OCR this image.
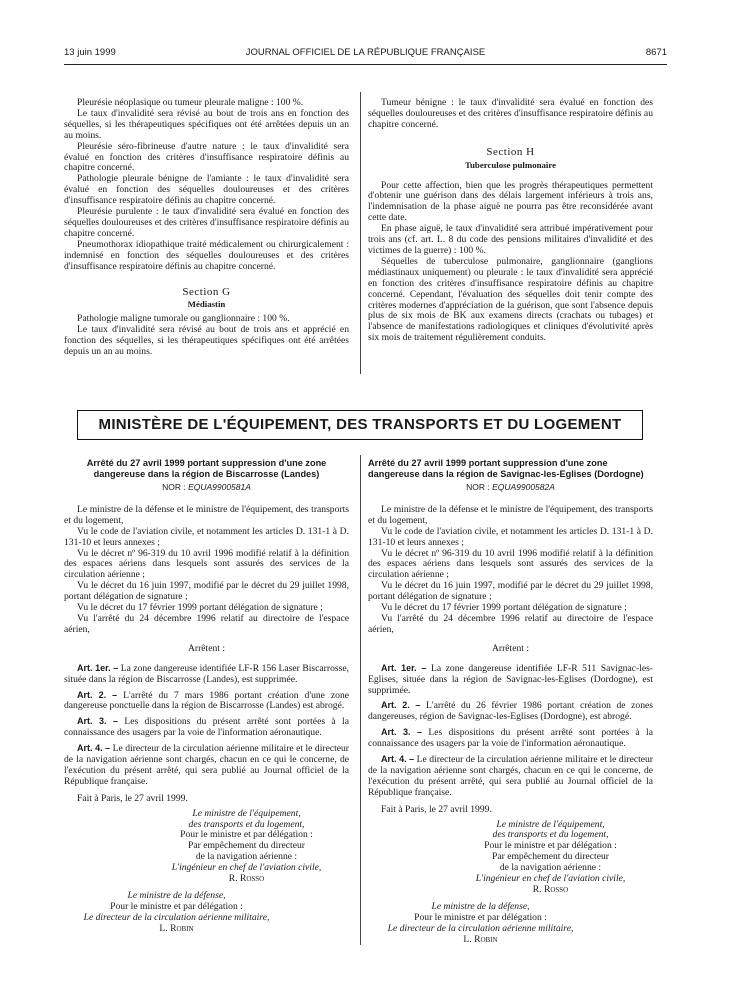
13 juin 1999	JOURNAL OFFICIEL DE LA RÉPUBLIQUE FRANÇAISE	8671

Pleurésie néoplasique ou tumeur pleurale maligne : 100 %.

Le taux d'invalidité sera révisé au bout de trois ans en fonction des séquelles, si les thérapeutiques spécifiques ont été arrêtées depuis un an au moins.

Pleurésie séro-fibrineuse d'autre nature : le taux d'invalidité sera évalué en fonction des critères d'insuffisance respiratoire définis au chapitre concerné.

Pathologie pleurale bénigne de l'amiante : le taux d'invalidité sera évalué en fonction des séquelles douloureuses et des critères d'insuffisance respiratoire définis au chapitre concerné.

Pleurésie purulente : le taux d'invalidité sera évalué en fonction des séquelles douloureuses et des critères d'insuffisance respiratoire définis au chapitre concerné.

Pneumothorax idiopathique traité médicalement ou chirurgicalement : indemnisé en fonction des séquelles douloureuses et des critères d'insuffisance respiratoire définis au chapitre concerné.

Section G

Médiastin

Pathologie maligne tumorale ou ganglionnaire : 100 %.

Le taux d'invalidité sera révisé au bout de trois ans et apprécié en fonction des séquelles, si les thérapeutiques spécifiques ont été arrêtées depuis un an au moins.

Tumeur bénigne : le taux d'invalidité sera évalué en fonction des séquelles douloureuses et des critères d'insuffisance respiratoire définis au chapitre concerné.

Section H

Tuberculose pulmonaire

Pour cette affection, bien que les progrès thérapeutiques permettent d'obtenir une guérison dans des délais largement inférieurs à trois ans, l'indemnisation de la phase aiguë ne pourra pas être reconsidérée avant cette date.

En phase aiguë, le taux d'invalidité sera attribué impérativement pour trois ans (cf. art. L. 8 du code des pensions militaires d'invalidité et des victimes de la guerre) : 100 %.

Séquelles de tuberculose pulmonaire, ganglionnaire (ganglions médiastinaux uniquement) ou pleurale : le taux d'invalidité sera apprécié en fonction des critères d'insuffisance respiratoire définis au chapitre concerné. Cependant, l'évaluation des séquelles doit tenir compte des critères modernes d'appréciation de la guérison, que sont l'absence depuis plus de six mois de BK aux examens directs (crachats ou tubages) et l'absence de manifestations radiologiques et cliniques d'évolutivité après six mois de traitement régulièrement conduits.

MINISTÈRE DE L'ÉQUIPEMENT, DES TRANSPORTS ET DU LOGEMENT

Arrêté du 27 avril 1999 portant suppression d'une zone dangereuse dans la région de Biscarrosse (Landes)

NOR : EQUA9900581A

Le ministre de la défense et le ministre de l'équipement, des transports et du logement,

Vu le code de l'aviation civile, et notamment les articles D. 131-1 à D. 131-10 et leurs annexes ;

Vu le décret nº 96-319 du 10 avril 1996 modifié relatif à la définition des espaces aériens dans lesquels sont assurés des services de la circulation aérienne ;

Vu le décret du 16 juin 1997, modifié par le décret du 29 juillet 1998, portant délégation de signature ;

Vu le décret du 17 février 1999 portant délégation de signature ;

Vu l'arrêté du 24 décembre 1996 relatif au directoire de l'espace aérien,

Arrêtent :

Art. 1er. – La zone dangereuse identifiée LF-R 156 Laser Biscarrosse, située dans la région de Biscarrosse (Landes), est supprimée.

Art. 2. – L'arrêté du 7 mars 1986 portant création d'une zone dangereuse ponctuelle dans la région de Biscarrosse (Landes) est abrogé.

Art. 3. – Les dispositions du présent arrêté sont portées à la connaissance des usagers par la voie de l'information aéronautique.

Art. 4. – Le directeur de la circulation aérienne militaire et le directeur de la navigation aérienne sont chargés, chacun en ce qui le concerne, de l'exécution du présent arrêté, qui sera publié au Journal officiel de la République française.

Fait à Paris, le 27 avril 1999.

Le ministre de l'équipement,

des transports et du logement,

Pour le ministre et par délégation :

Par empêchement du directeur

de la navigation aérienne :

L'ingénieur en chef de l'aviation civile,

R. Rosso

Le ministre de la défense,

Pour le ministre et par délégation :

Le directeur de la circulation aérienne militaire,

L. Robin

Arrêté du 27 avril 1999 portant suppression d'une zone dangereuse dans la région de Savignac-les-Eglises (Dordogne)

NOR : EQUA9900582A

Le ministre de la défense et le ministre de l'équipement, des transports et du logement,

Vu le code de l'aviation civile, et notamment les articles D. 131-1 à D. 131-10 et leurs annexes ;

Vu le décret nº 96-319 du 10 avril 1996 modifié relatif à la définition des espaces aériens dans lesquels sont assurés des services de la circulation aérienne ;

Vu le décret du 16 juin 1997, modifié par le décret du 29 juillet 1998, portant délégation de signature ;

Vu le décret du 17 février 1999 portant délégation de signature ;

Vu l'arrêté du 24 décembre 1996 relatif au directoire de l'espace aérien,

Arrêtent :

Art. 1er. – La zone dangereuse identifiée LF-R 511 Savignac-les-Eglises, située dans la région de Savignac-les-Eglises (Dordogne), est supprimée.

Art. 2. – L'arrêté du 26 février 1986 portant création de zones dangereuses, région de Savignac-les-Eglises (Dordogne), est abrogé.

Art. 3. – Les dispositions du présent arrêté sont portées à la connaissance des usagers par la voie de l'information aéronautique.

Art. 4. – Le directeur de la circulation aérienne militaire et le directeur de la navigation aérienne sont chargés, chacun en ce qui le concerne, de l'exécution du présent arrêté, qui sera publié au Journal officiel de la République française.

Fait à Paris, le 27 avril 1999.

Le ministre de l'équipement,

des transports et du logement,

Pour le ministre et par délégation :

Par empêchement du directeur

de la navigation aérienne :

L'ingénieur en chef de l'aviation civile,

R. Rosso

Le ministre de la défense,

Pour le ministre et par délégation :

Le directeur de la circulation aérienne militaire,

L. Robin
